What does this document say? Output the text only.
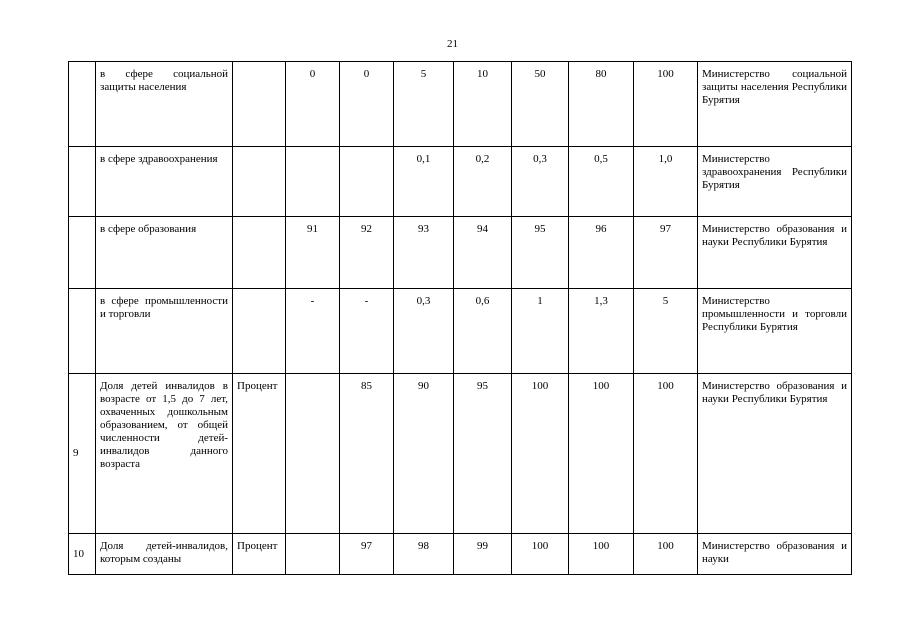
21
	в сфере социальной защиты населения		0	0	5	10	50	80	100	Министерство социальной защиты населения Республики Бурятия
	в сфере здравоохранения				0,1	0,2	0,3	0,5	1,0	Министерство здравоохранения Республики Бурятия
	в сфере образования		91	92	93	94	95	96	97	Министерство образования и науки Республики Бурятия
	в сфере промышленности и торговли		-	-	0,3	0,6	1	1,3	5	Министерство промышленности и торговли Республики Бурятия
9	Доля детей инвалидов в возрасте от 1,5 до 7 лет, охваченных дошкольным образованием, от общей численности детей-инвалидов данного возраста	Процент		85	90	95	100	100	100	Министерство образования и науки Республики Бурятия
10	Доля детей-инвалидов, которым созданы	Процент		97	98	99	100	100	100	Министерство образования и науки
